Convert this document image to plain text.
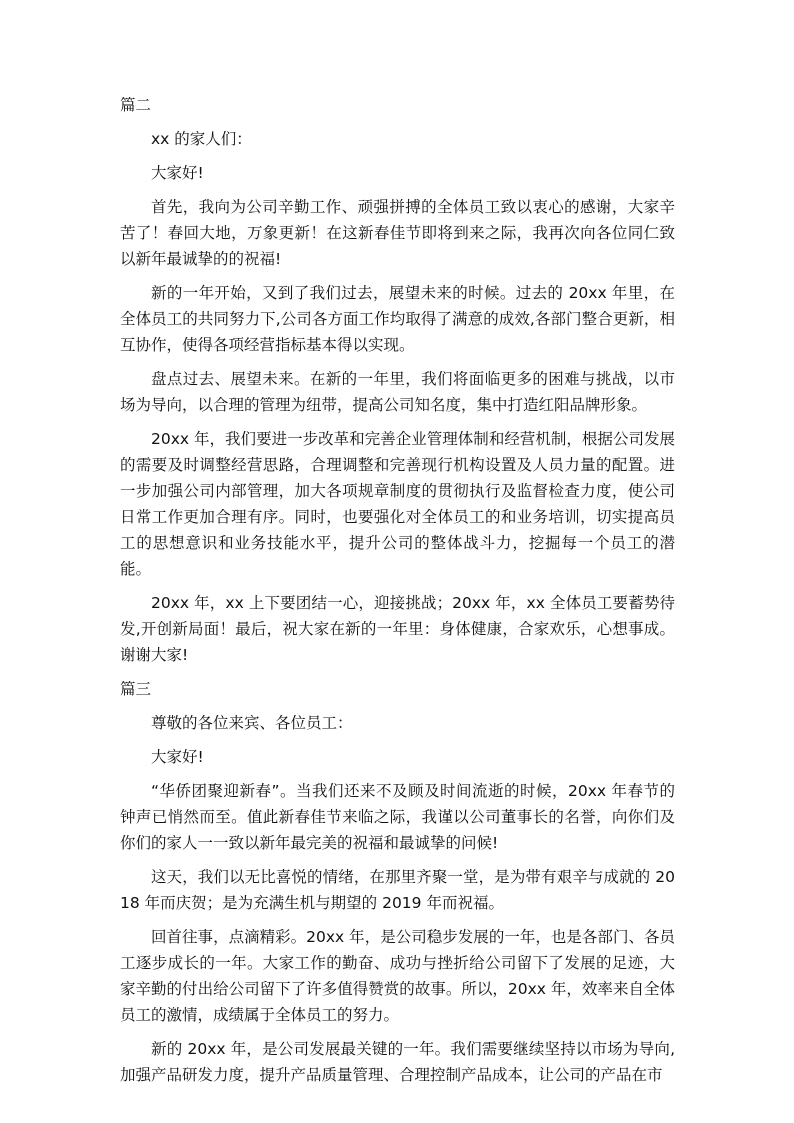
篇二

xx 的家人们：

大家好!

首先，我向为公司辛勤工作、顽强拼搏的全体员工致以衷心的感谢，大家辛苦了！春回大地，万象更新！在这新春佳节即将到来之际，我再次向各位同仁致以新年最诚挚的的祝福!

新的一年开始，又到了我们过去，展望未来的时候。过去的 20xx 年里，在全体员工的共同努力下,公司各方面工作均取得了满意的成效,各部门整合更新，相互协作，使得各项经营指标基本得以实现。

盘点过去、展望未来。在新的一年里，我们将面临更多的困难与挑战，以市场为导向，以合理的管理为纽带，提高公司知名度，集中打造红阳品牌形象。

20xx 年，我们要进一步改革和完善企业管理体制和经营机制，根据公司发展的需要及时调整经营思路，合理调整和完善现行机构设置及人员力量的配置。进一步加强公司内部管理，加大各项规章制度的贯彻执行及监督检查力度，使公司日常工作更加合理有序。同时，也要强化对全体员工的和业务培训，切实提高员工的思想意识和业务技能水平，提升公司的整体战斗力，挖掘每一个员工的潜能。

20xx 年，xx 上下要团结一心，迎接挑战；20xx 年，xx 全体员工要蓄势待发,开创新局面！最后，祝大家在新的一年里：身体健康，合家欢乐，心想事成。谢谢大家!

篇三

尊敬的各位来宾、各位员工：

大家好!

“华侨团聚迎新春”。当我们还来不及顾及时间流逝的时候，20xx 年春节的钟声已悄然而至。值此新春佳节来临之际，我谨以公司董事长的名誉，向你们及你们的家人一一致以新年最完美的祝福和最诚挚的问候!

这天，我们以无比喜悦的情绪，在那里齐聚一堂，是为带有艰辛与成就的 2018 年而庆贺；是为充满生机与期望的 2019 年而祝福。

回首往事，点滴精彩。20xx 年，是公司稳步发展的一年，也是各部门、各员工逐步成长的一年。大家工作的勤奋、成功与挫折给公司留下了发展的足迹，大家辛勤的付出给公司留下了许多值得赞赏的故事。所以，20xx 年，效率来自全体员工的激情，成绩属于全体员工的努力。

新的 20xx 年，是公司发展最关键的一年。我们需要继续坚持以市场为导向,加强产品研发力度，提升产品质量管理、合理控制产品成本，让公司的产品在市
